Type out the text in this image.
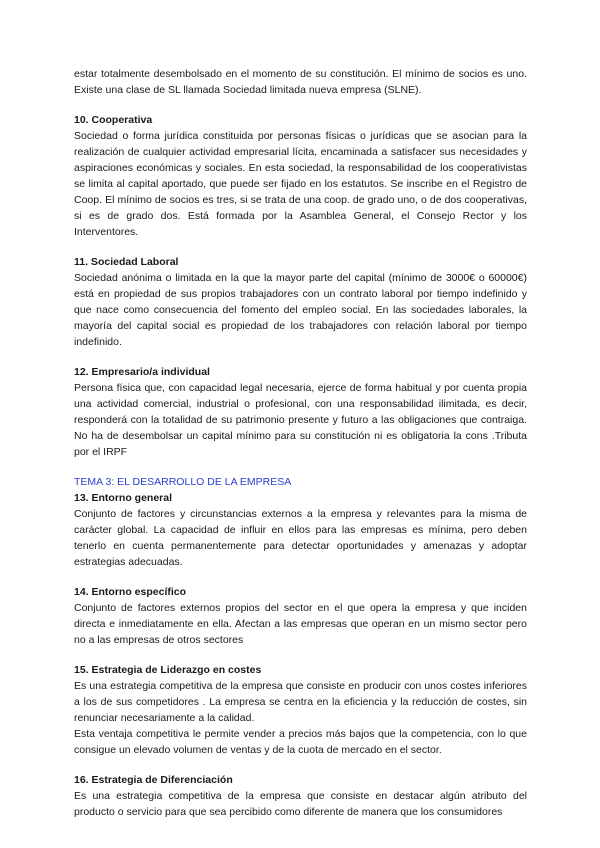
estar totalmente desembolsado en el momento de su constitución. El mínimo de socios es uno. Existe una clase de SL llamada Sociedad limitada nueva empresa (SLNE).

10. Cooperativa

Sociedad o forma jurídica constituida por personas físicas o jurídicas que se asocian para la realización de cualquier actividad empresarial lícita, encaminada a satisfacer sus necesidades y aspiraciones económicas y sociales. En esta sociedad, la responsabilidad de los cooperativistas se limita al capital aportado, que puede ser fijado en los estatutos. Se inscribe en el Registro de Coop. El mínimo de socios es tres, si se trata de una coop. de grado uno, o de dos cooperativas, si es de grado dos. Está formada por la Asamblea General, el Consejo Rector y los Interventores.

11. Sociedad Laboral

Sociedad anónima o limitada en la que la mayor parte del capital (mínimo de 3000€ o 60000€) está en propiedad de sus propios trabajadores con un contrato laboral por tiempo indefinido y que nace como consecuencia del fomento del empleo social. En las sociedades laborales, la mayoría del capital social es propiedad de los trabajadores con relación laboral por tiempo indefinido.

12. Empresario/a individual

Persona física que, con capacidad legal necesaria, ejerce de forma habitual y por cuenta propia una actividad comercial, industrial o profesional, con una responsabilidad ilimitada, es decir, responderá con la totalidad de su patrimonio presente y futuro a las obligaciones que contraiga. No ha de desembolsar un capital mínimo para su constitución ni es obligatoria la cons .Tributa por el IRPF

TEMA 3: EL DESARROLLO DE LA EMPRESA
13. Entorno general

Conjunto de factores y circunstancias externos a la empresa y relevantes para la misma de carácter global. La capacidad de influir en ellos para las empresas es mínima, pero deben tenerlo en cuenta permanentemente para detectar oportunidades y amenazas y adoptar estrategias adecuadas.

14. Entorno específico

Conjunto de factores externos propios del sector en el que opera la empresa y que inciden directa e inmediatamente en ella. Afectan a las empresas que operan en un mismo sector pero no a las empresas de otros sectores

15. Estrategia de Liderazgo en costes

Es una estrategia competitiva de la empresa que consiste en producir con unos costes inferiores a los de sus competidores . La empresa se centra en la eficiencia y la reducción de costes, sin renunciar necesariamente a la calidad.

Esta ventaja competitiva le permite vender a precios más bajos que la competencia, con lo que consigue un elevado volumen de ventas y de la cuota de mercado en el sector.

16. Estrategia de Diferenciación

Es una estrategia competitiva de la empresa que consiste en destacar algún atributo del producto o servicio para que sea percibido como diferente de manera que los consumidores
